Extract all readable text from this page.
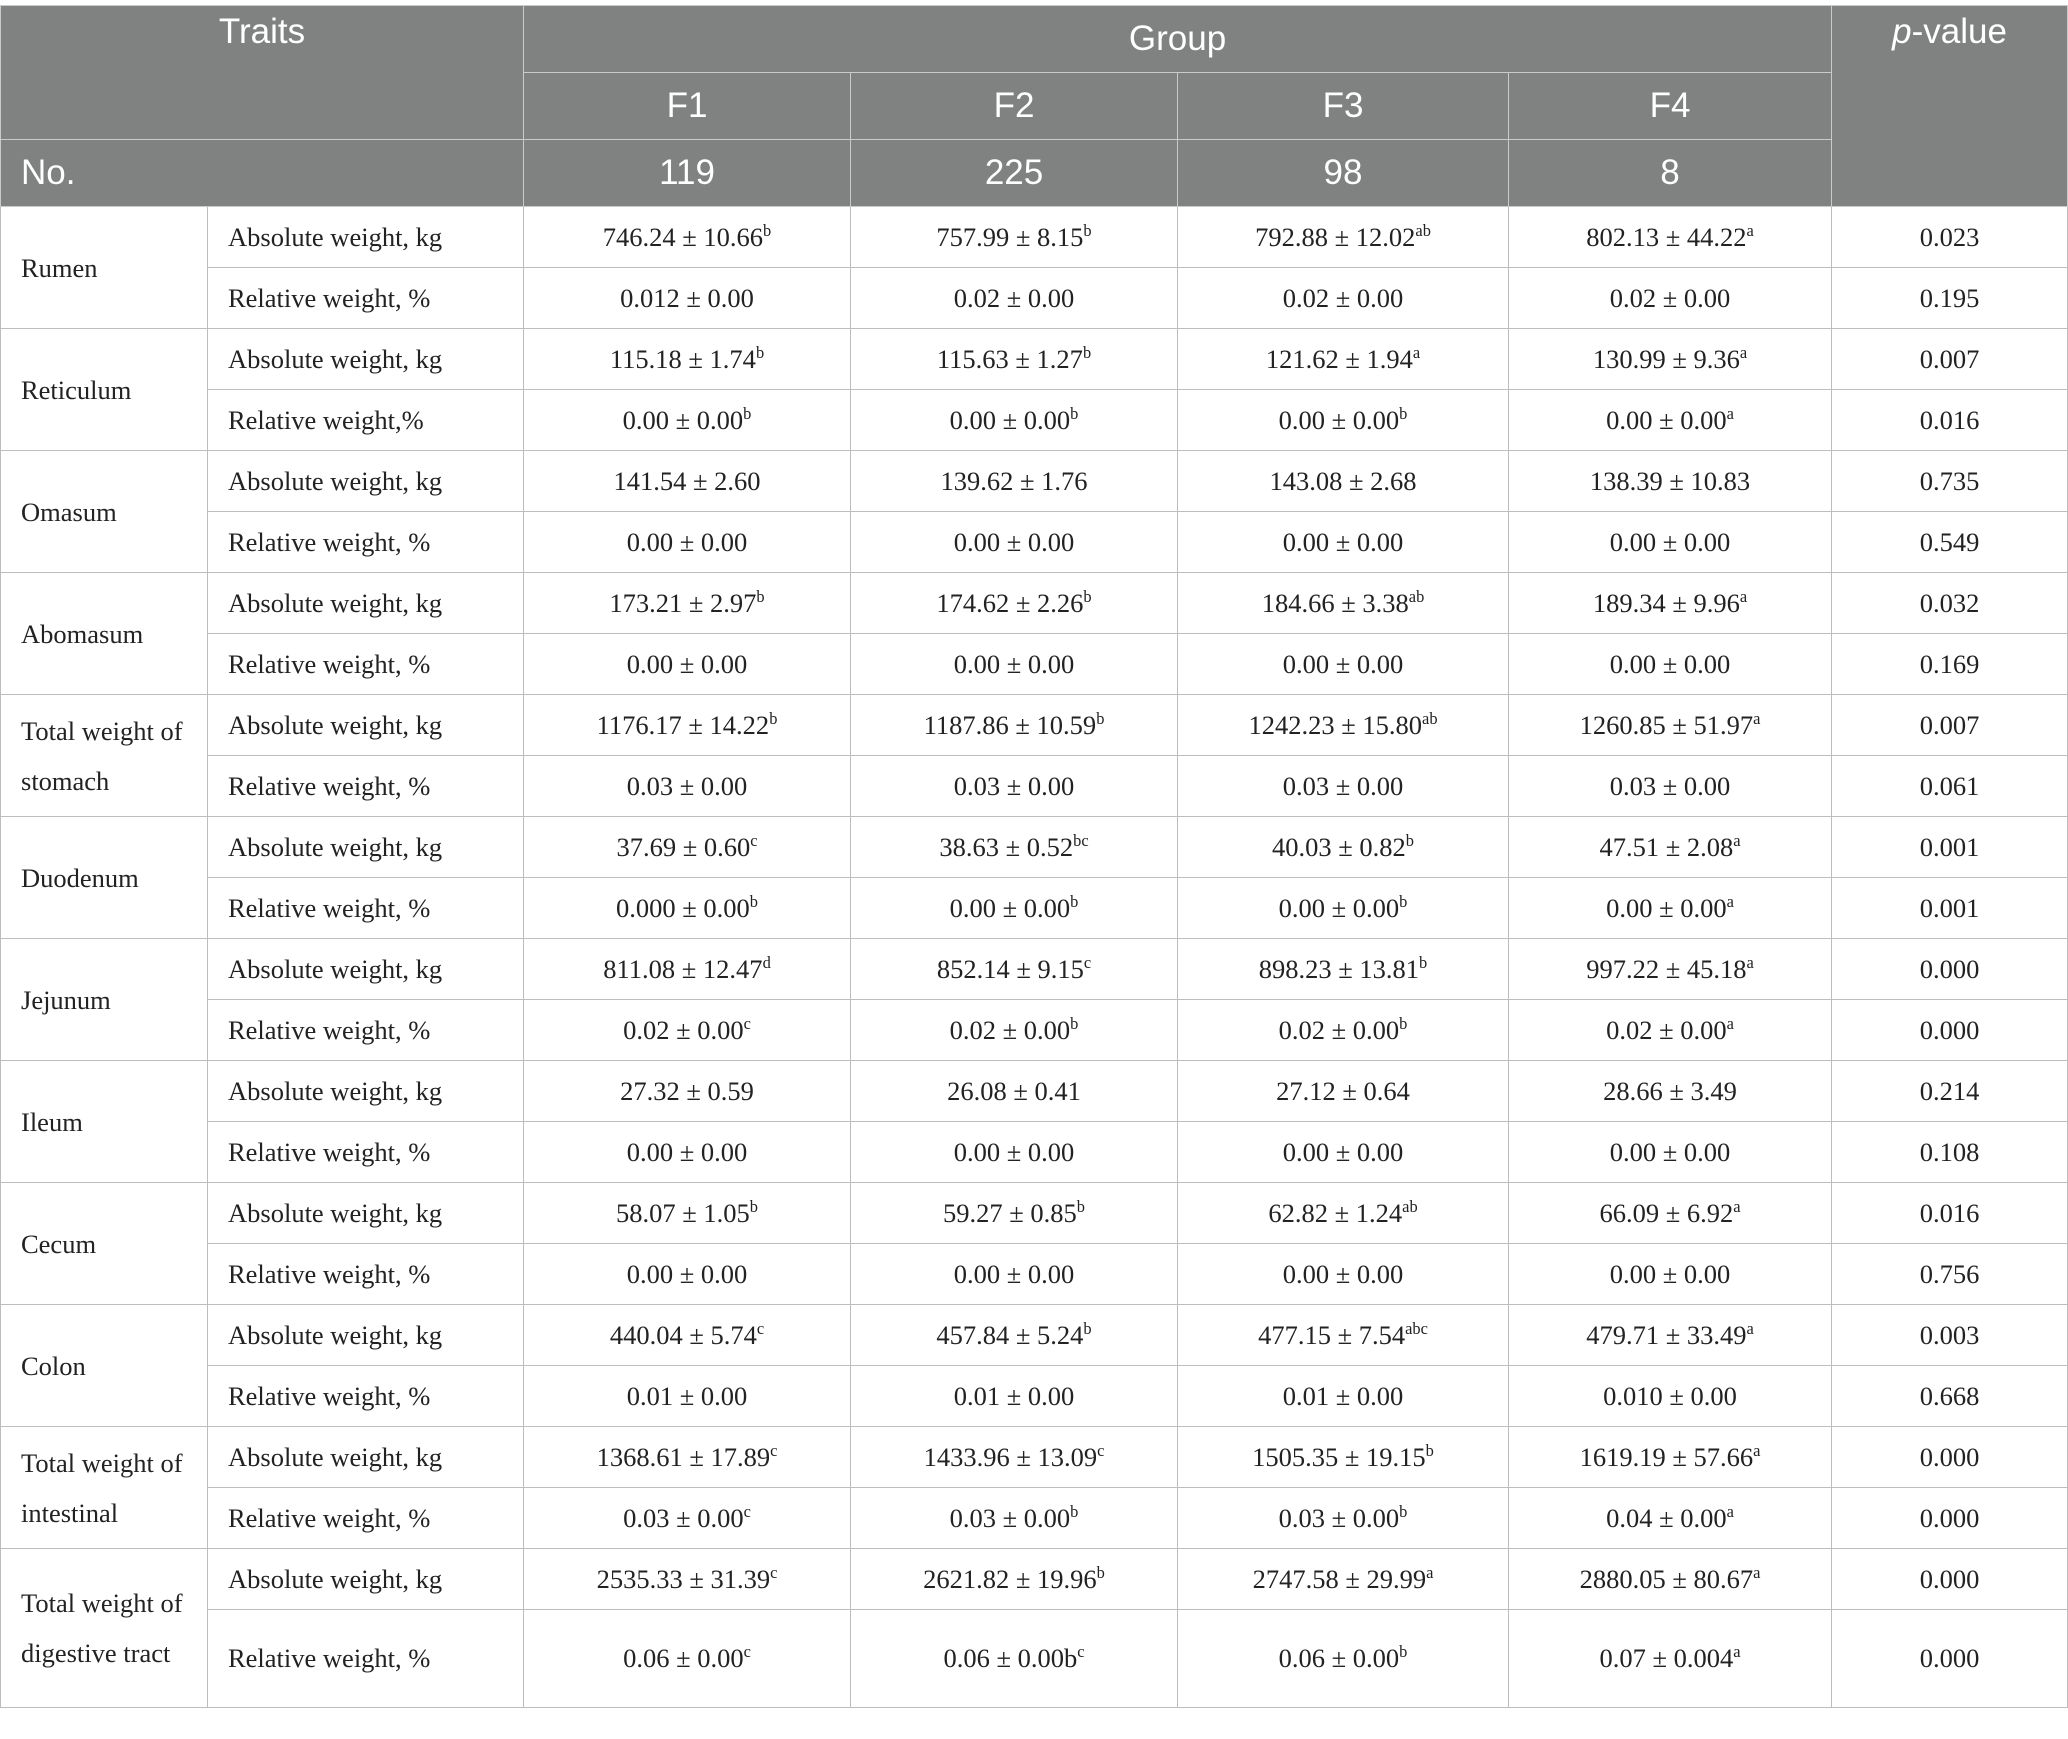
Traits		Group				p-value
		F1	F2	F3	F4	
No.		119	225	98	8	
Rumen	Absolute weight, kg	746.24 ± 10.66$^b$	757.99 ± 8.15$^b$	792.88 ± 12.02$^{ab}$	802.13 ± 44.22$^a$	0.023
	Relative weight, %	0.012 ± 0.00	0.02 ± 0.00	0.02 ± 0.00	0.02 ± 0.00	0.195
Reticulum	Absolute weight, kg	115.18 ± 1.74$^b$	115.63 ± 1.27$^b$	121.62 ± 1.94$^a$	130.99 ± 9.36$^a$	0.007
	Relative weight,%	0.00 ± 0.00$^b$	0.00 ± 0.00$^b$	0.00 ± 0.00$^b$	0.00 ± 0.00$^a$	0.016
Omasum	Absolute weight, kg	141.54 ± 2.60	139.62 ± 1.76	143.08 ± 2.68	138.39 ± 10.83	0.735
	Relative weight, %	0.00 ± 0.00	0.00 ± 0.00	0.00 ± 0.00	0.00 ± 0.00	0.549
Abomasum	Absolute weight, kg	173.21 ± 2.97$^b$	174.62 ± 2.26$^b$	184.66 ± 3.38$^{ab}$	189.34 ± 9.96$^a$	0.032
	Relative weight, %	0.00 ± 0.00	0.00 ± 0.00	0.00 ± 0.00	0.00 ± 0.00	0.169
Total weight of stomach	Absolute weight, kg	1176.17 ± 14.22$^b$	1187.86 ± 10.59$^b$	1242.23 ± 15.80$^{ab}$	1260.85 ± 51.97$^a$	0.007
	Relative weight, %	0.03 ± 0.00	0.03 ± 0.00	0.03 ± 0.00	0.03 ± 0.00	0.061
Duodenum	Absolute weight, kg	37.69 ± 0.60$^c$	38.63 ± 0.52$^{bc}$	40.03 ± 0.82$^b$	47.51 ± 2.08$^a$	0.001
	Relative weight, %	0.000 ± 0.00$^b$	0.00 ± 0.00$^b$	0.00 ± 0.00$^b$	0.00 ± 0.00$^a$	0.001
Jejunum	Absolute weight, kg	811.08 ± 12.47$^d$	852.14 ± 9.15$^c$	898.23 ± 13.81$^b$	997.22 ± 45.18$^a$	0.000
	Relative weight, %	0.02 ± 0.00$^c$	0.02 ± 0.00$^b$	0.02 ± 0.00$^b$	0.02 ± 0.00$^a$	0.000
Ileum	Absolute weight, kg	27.32 ± 0.59	26.08 ± 0.41	27.12 ± 0.64	28.66 ± 3.49	0.214
	Relative weight, %	0.00 ± 0.00	0.00 ± 0.00	0.00 ± 0.00	0.00 ± 0.00	0.108
Cecum	Absolute weight, kg	58.07 ± 1.05$^b$	59.27 ± 0.85$^b$	62.82 ± 1.24$^{ab}$	66.09 ± 6.92$^a$	0.016
	Relative weight, %	0.00 ± 0.00	0.00 ± 0.00	0.00 ± 0.00	0.00 ± 0.00	0.756
Colon	Absolute weight, kg	440.04 ± 5.74$^c$	457.84 ± 5.24$^b$	477.15 ± 7.54$^{abc}$	479.71 ± 33.49$^a$	0.003
	Relative weight, %	0.01 ± 0.00	0.01 ± 0.00	0.01 ± 0.00	0.010 ± 0.00	0.668
Total weight of intestinal	Absolute weight, kg	1368.61 ± 17.89$^c$	1433.96 ± 13.09$^c$	1505.35 ± 19.15$^b$	1619.19 ± 57.66$^a$	0.000
	Relative weight, %	0.03 ± 0.00$^c$	0.03 ± 0.00$^b$	0.03 ± 0.00$^b$	0.04 ± 0.00$^a$	0.000
Total weight of digestive tract	Absolute weight, kg	2535.33 ± 31.39$^c$	2621.82 ± 19.96$^b$	2747.58 ± 29.99$^a$	2880.05 ± 80.67$^a$	0.000
	Relative weight, %	0.06 ± 0.00$^c$	$0.06 \pm 0.00b^c$	0.06 ± 0.00$^b$	0.07 ± 0.004$^a$	0.000
